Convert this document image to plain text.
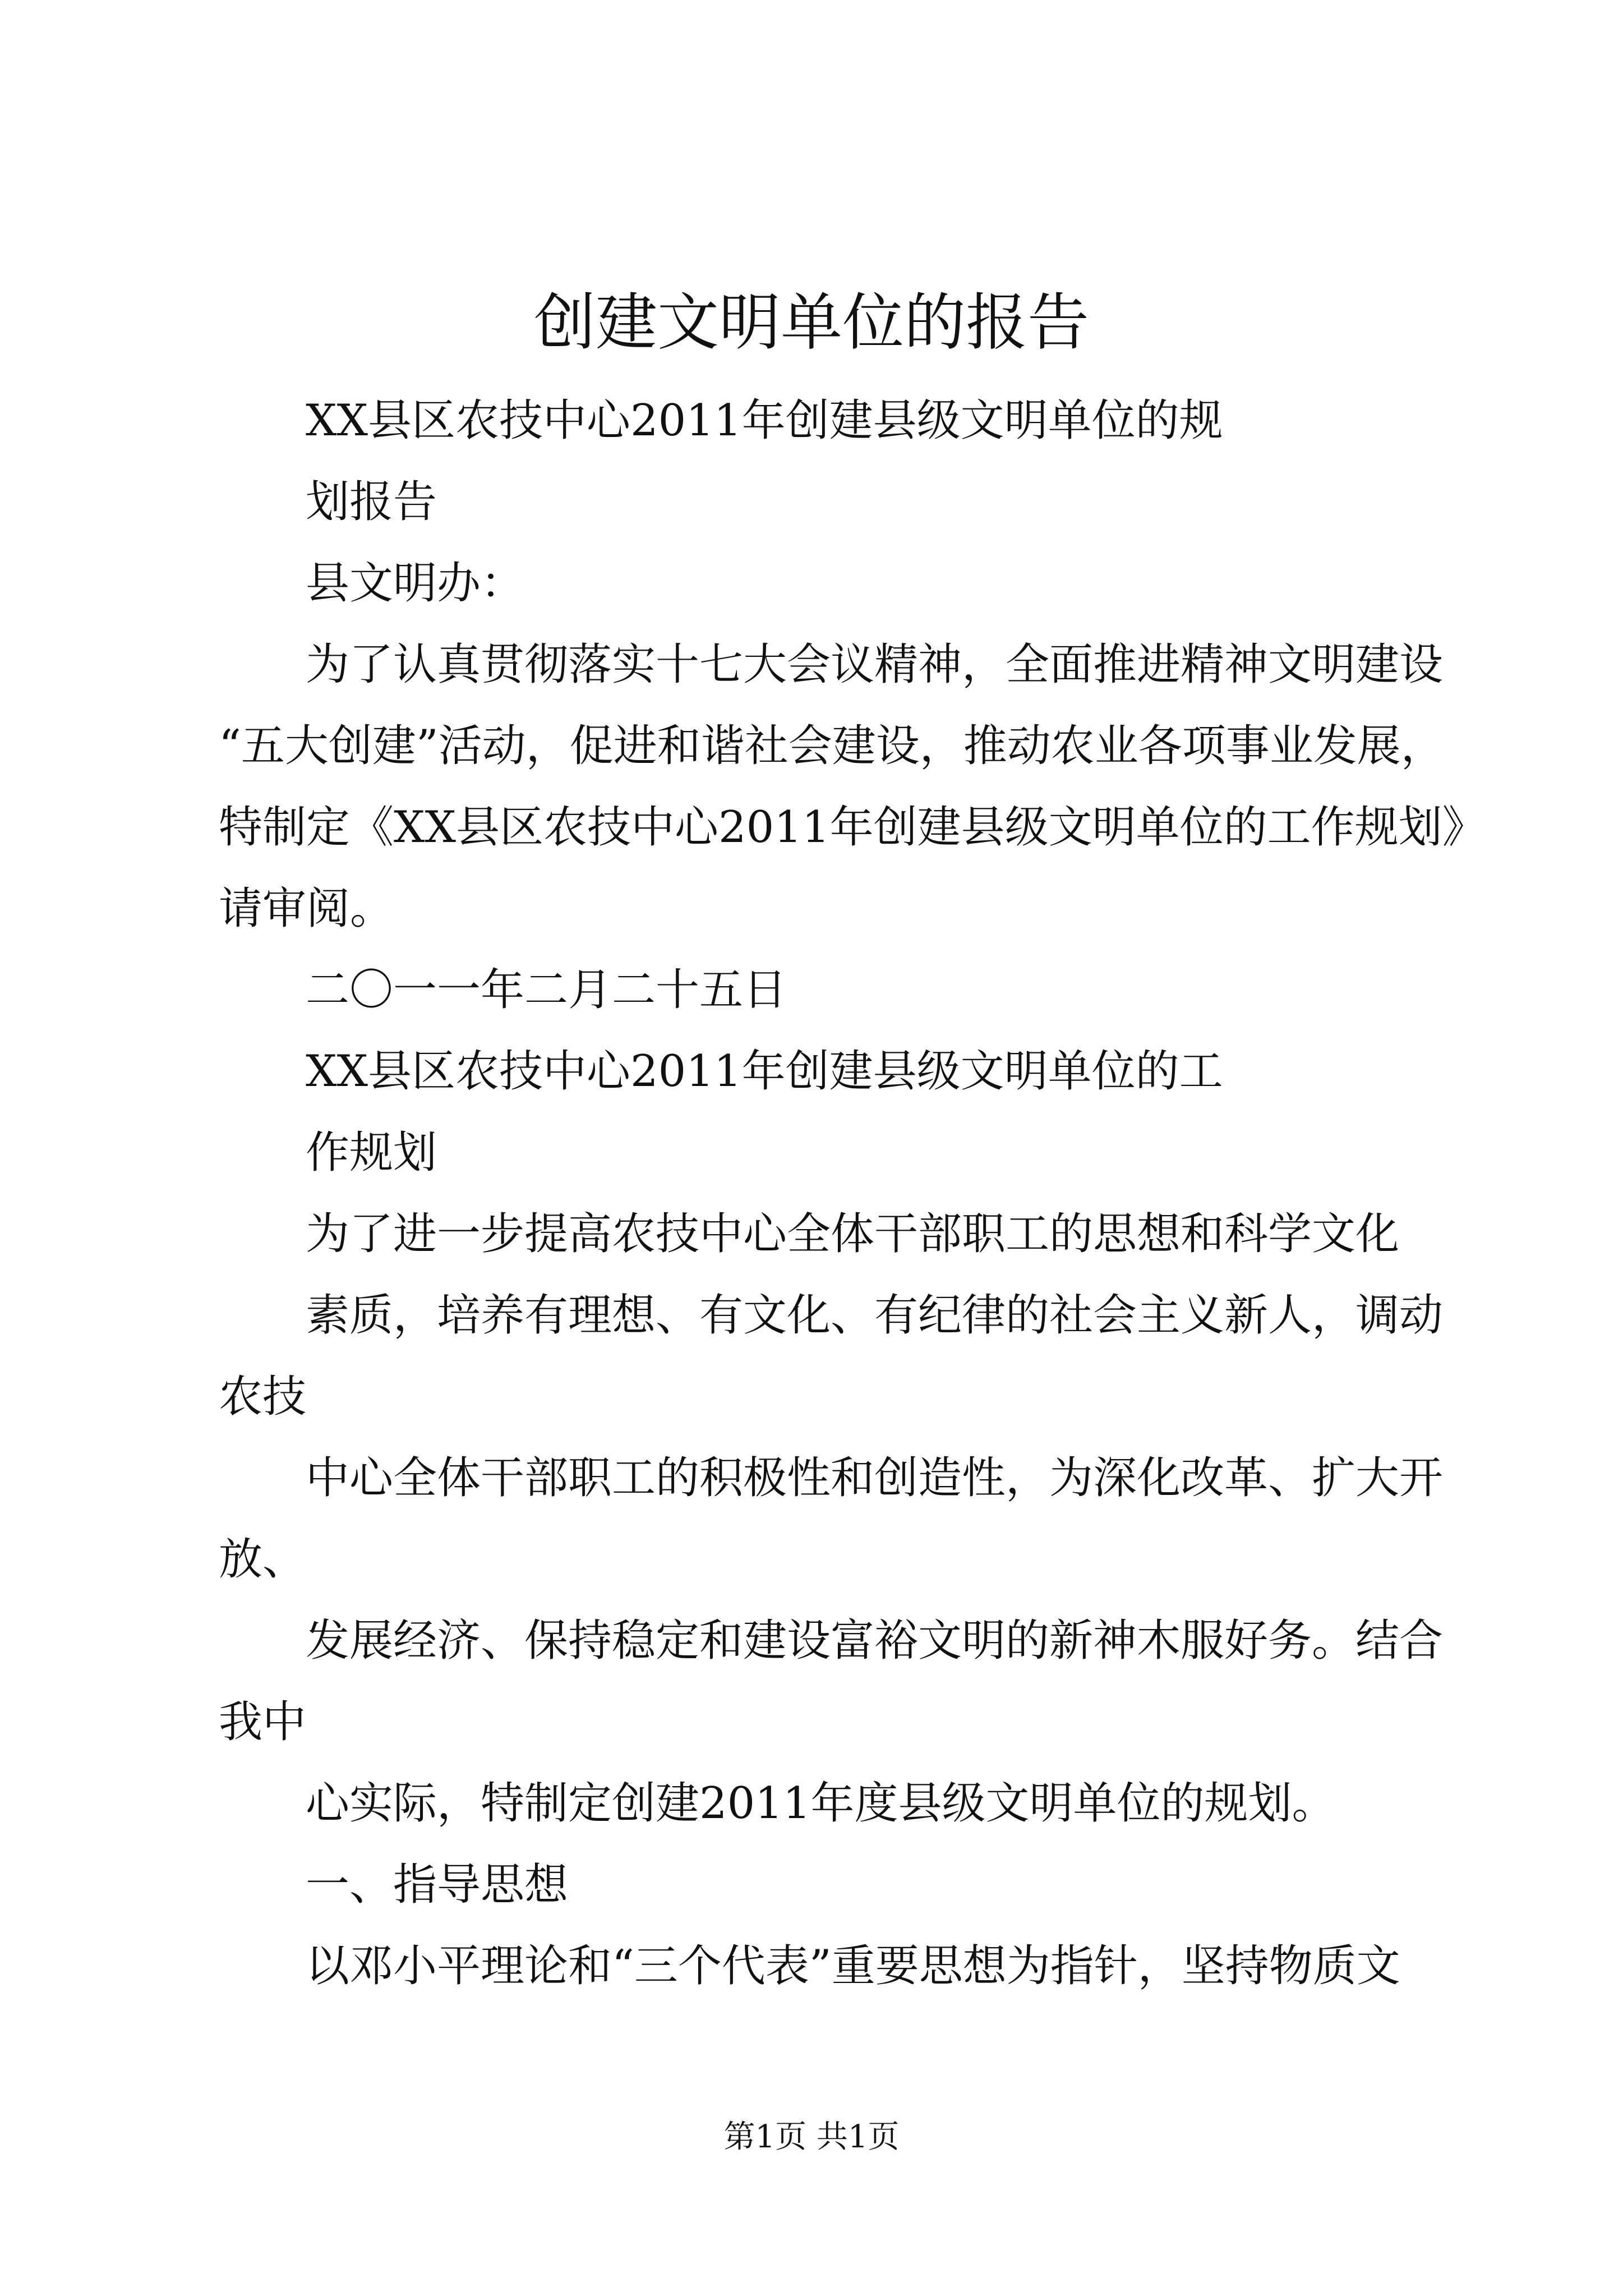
创建文明单位的报告

XX县区农技中心2011年创建县级文明单位的规

划报告

县文明办：

为了认真贯彻落实十七大会议精神，全面推进精神文明建设

“五大创建”活动，促进和谐社会建设，推动农业各项事业发展，

特制定《XX县区农技中心2011年创建县级文明单位的工作规划》

请审阅。

二〇一一年二月二十五日

XX县区农技中心2011年创建县级文明单位的工

作规划

为了进一步提高农技中心全体干部职工的思想和科学文化

素质，培养有理想、有文化、有纪律的社会主义新人，调动

农技

中心全体干部职工的积极性和创造性，为深化改革、扩大开

放、

发展经济、保持稳定和建设富裕文明的新神木服好务。结合

我中

心实际，特制定创建2011年度县级文明单位的规划。

一、指导思想

以邓小平理论和“三个代表”重要思想为指针，坚持物质文

第1页 共1页
